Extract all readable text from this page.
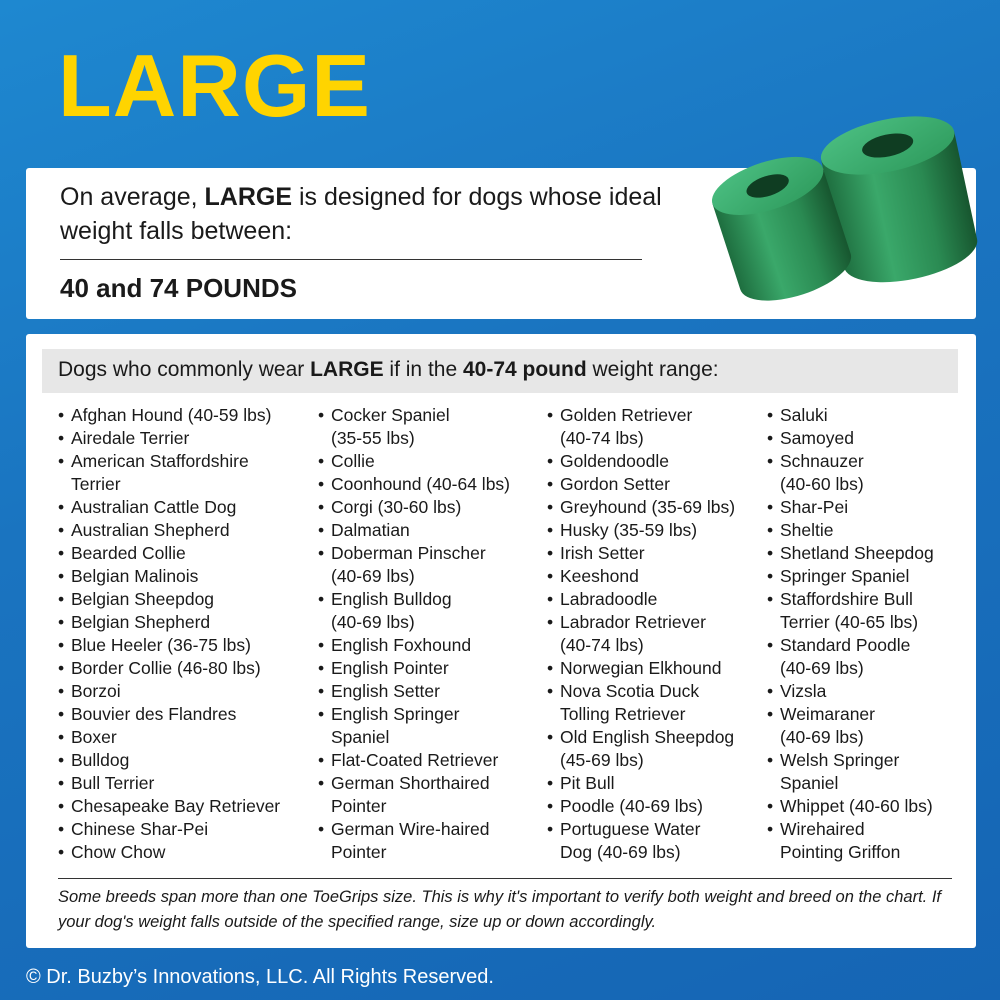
LARGE
On average, LARGE is designed for dogs whose ideal weight falls between:
40 and 74 POUNDS
Dogs who commonly wear LARGE if in the 40-74 pound weight range:
• Afghan Hound (40-59 lbs)
• Airedale Terrier
• American Staffordshire
Terrier
• Australian Cattle Dog
• Australian Shepherd
• Bearded Collie
• Belgian Malinois
• Belgian Sheepdog
• Belgian Shepherd
• Blue Heeler (36-75 lbs)
• Border Collie (46-80 lbs)
• Borzoi
• Bouvier des Flandres
• Boxer
• Bulldog
• Bull Terrier
• Chesapeake Bay Retriever
• Chinese Shar-Pei
• Chow Chow
• Cocker Spaniel
(35-55 lbs)
• Collie
• Coonhound (40-64 lbs)
• Corgi (30-60 lbs)
• Dalmatian
• Doberman Pinscher
(40-69 lbs)
• English Bulldog
(40-69 lbs)
• English Foxhound
• English Pointer
• English Setter
• English Springer
Spaniel
• Flat-Coated Retriever
• German Shorthaired
Pointer
• German Wire-haired
Pointer
• Golden Retriever
(40-74 lbs)
• Goldendoodle
• Gordon Setter
• Greyhound (35-69 lbs)
• Husky (35-59 lbs)
• Irish Setter
• Keeshond
• Labradoodle
• Labrador Retriever
(40-74 lbs)
• Norwegian Elkhound
• Nova Scotia Duck
Tolling Retriever
• Old English Sheepdog
(45-69 lbs)
• Pit Bull
• Poodle (40-69 lbs)
• Portuguese Water
Dog (40-69 lbs)
• Saluki
• Samoyed
• Schnauzer
(40-60 lbs)
• Shar-Pei
• Sheltie
• Shetland Sheepdog
• Springer Spaniel
• Staffordshire Bull
Terrier (40-65 lbs)
• Standard Poodle
(40-69 lbs)
• Vizsla
• Weimaraner
(40-69 lbs)
• Welsh Springer
Spaniel
• Whippet (40-60 lbs)
• Wirehaired
Pointing Griffon
Some breeds span more than one ToeGrips size. This is why it's important to verify both weight and breed on the chart. If your dog's weight falls outside of the specified range, size up or down accordingly.
© Dr. Buzby’s Innovations, LLC. All Rights Reserved.
